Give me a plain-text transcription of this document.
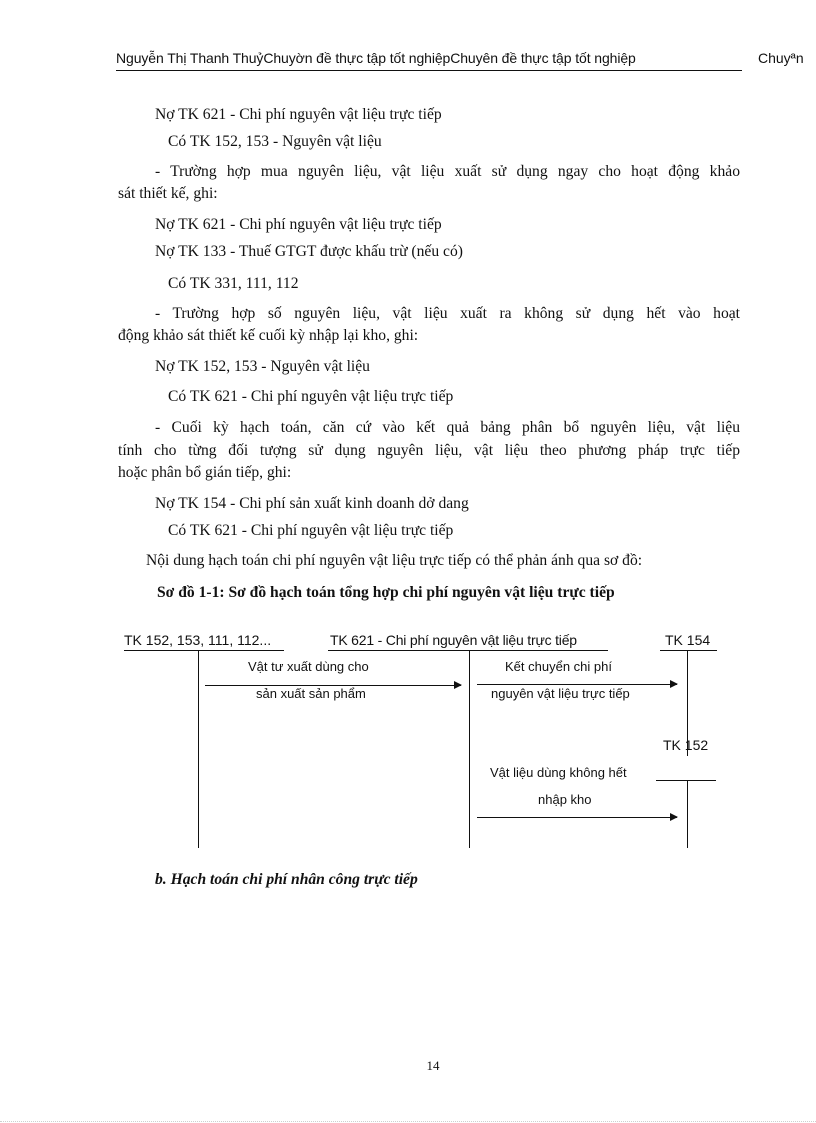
Nguyễn Thị Thanh ThuỷChuyờn đề thực tập tốt nghiệpChuyên đề thực tập tốt nghiệp	Chuyªn
Nợ TK 621 - Chi phí nguyên vật liệu trực tiếp
Có TK 152, 153 - Nguyên vật liệu
- Trường hợp mua nguyên liệu, vật liệu xuất sử dụng ngay cho hoạt động khảo
sát thiết kế, ghi:
Nợ TK 621 - Chi phí nguyên vật liệu trực tiếp
Nợ TK 133 - Thuế GTGT được khấu trừ (nếu có)
Có TK 331, 111, 112
- Trường hợp số nguyên liệu, vật liệu xuất ra không sử dụng hết vào hoạt
động khảo sát thiết kế cuối kỳ nhập lại kho, ghi:
Nợ TK 152, 153 - Nguyên vật liệu
Có TK 621 - Chi phí nguyên vật liệu trực tiếp
- Cuối kỳ hạch toán, căn cứ vào kết quả bảng phân bổ nguyên liệu, vật liệu
tính cho từng đối tượng sử dụng nguyên liệu, vật liệu theo phương pháp trực tiếp
hoặc phân bổ gián tiếp, ghi:
Nợ TK 154 - Chi phí sản xuất kinh doanh dở dang
Có TK 621 - Chi phí nguyên vật liệu trực tiếp
Nội dung hạch toán chi phí nguyên vật liệu trực tiếp có thể phản ánh qua sơ đồ:
Sơ đồ 1-1: Sơ đồ hạch toán tổng hợp chi phí nguyên vật liệu trực tiếp
TK 152, 153, 111, 112...	TK 621 - Chi phí nguyên vật liệu trực tiếp	TK 154
Vật tư xuất dùng cho
sản xuất sản phẩm
Kết chuyển chi phí
nguyên vật liệu trực tiếp
TK 152
Vật liệu dùng không hết
nhập kho
b. Hạch toán chi phí nhân công trực tiếp
14
